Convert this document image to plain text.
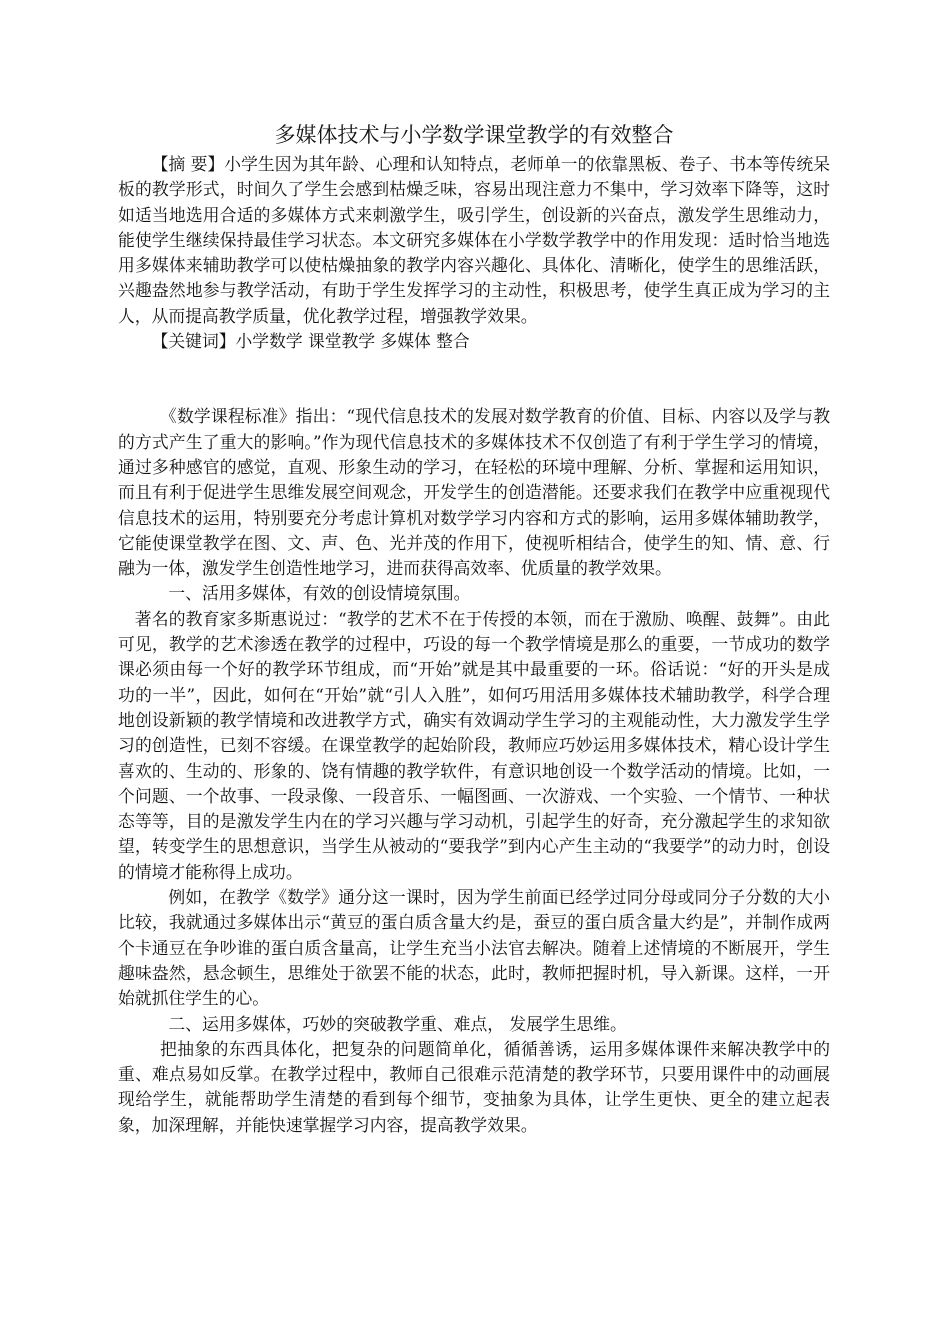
多媒体技术与小学数学课堂教学的有效整合

【摘 要】小学生因为其年龄、心理和认知特点，老师单一的依靠黑板、卷子、书本等传统呆板的教学形式，时间久了学生会感到枯燥乏味，容易出现注意力不集中，学习效率下降等，这时如适当地选用合适的多媒体方式来刺激学生，吸引学生，创设新的兴奋点，激发学生思维动力，能使学生继续保持最佳学习状态。本文研究多媒体在小学数学教学中的作用发现：适时恰当地选用多媒体来辅助教学可以使枯燥抽象的教学内容兴趣化、具体化、清晰化，使学生的思维活跃，兴趣盎然地参与教学活动，有助于学生发挥学习的主动性，积极思考，使学生真正成为学习的主人，从而提高教学质量，优化教学过程，增强教学效果。

【关键词】小学数学 课堂教学 多媒体 整合

《数学课程标准》指出：“现代信息技术的发展对数学教育的价值、目标、内容以及学与教的方式产生了重大的影响。”作为现代信息技术的多媒体技术不仅创造了有利于学生学习的情境，通过多种感官的感觉，直观、形象生动的学习，在轻松的环境中理解、分析、掌握和运用知识，而且有利于促进学生思维发展空间观念，开发学生的创造潜能。还要求我们在教学中应重视现代信息技术的运用，特别要充分考虑计算机对数学学习内容和方式的影响，运用多媒体辅助教学，它能使课堂教学在图、文、声、色、光并茂的作用下，使视听相结合，使学生的知、情、意、行融为一体，激发学生创造性地学习，进而获得高效率、优质量的教学效果。

一、活用多媒体，有效的创设情境氛围。

著名的教育家多斯惠说过：“教学的艺术不在于传授的本领，而在于激励、唤醒、鼓舞”。由此可见，教学的艺术渗透在教学的过程中，巧设的每一个教学情境是那么的重要，一节成功的数学课必须由每一个好的教学环节组成，而“开始”就是其中最重要的一环。俗话说：“好的开头是成功的一半”，因此，如何在“开始”就“引人入胜”，如何巧用活用多媒体技术辅助教学，科学合理地创设新颖的教学情境和改进教学方式，确实有效调动学生学习的主观能动性，大力激发学生学习的创造性，已刻不容缓。在课堂教学的起始阶段，教师应巧妙运用多媒体技术，精心设计学生喜欢的、生动的、形象的、饶有情趣的教学软件，有意识地创设一个数学活动的情境。比如，一个问题、一个故事、一段录像、一段音乐、一幅图画、一次游戏、一个实验、一个情节、一种状态等等，目的是激发学生内在的学习兴趣与学习动机，引起学生的好奇，充分激起学生的求知欲望，转变学生的思想意识，当学生从被动的“要我学”到内心产生主动的“我要学”的动力时，创设的情境才能称得上成功。

例如，在教学《数学》通分这一课时，因为学生前面已经学过同分母或同分子分数的大小比较，我就通过多媒体出示“黄豆的蛋白质含量大约是，蚕豆的蛋白质含量大约是”，并制作成两个卡通豆在争吵谁的蛋白质含量高，让学生充当小法官去解决。随着上述情境的不断展开，学生趣味盎然，悬念顿生，思维处于欲罢不能的状态，此时，教师把握时机，导入新课。这样，一开始就抓住学生的心。

二、运用多媒体，巧妙的突破教学重、难点， 发展学生思维。

把抽象的东西具体化，把复杂的问题简单化，循循善诱，运用多媒体课件来解决教学中的重、难点易如反掌。在教学过程中，教师自己很难示范清楚的教学环节，只要用课件中的动画展现给学生，就能帮助学生清楚的看到每个细节，变抽象为具体，让学生更快、更全的建立起表象，加深理解，并能快速掌握学习内容，提高教学效果。
